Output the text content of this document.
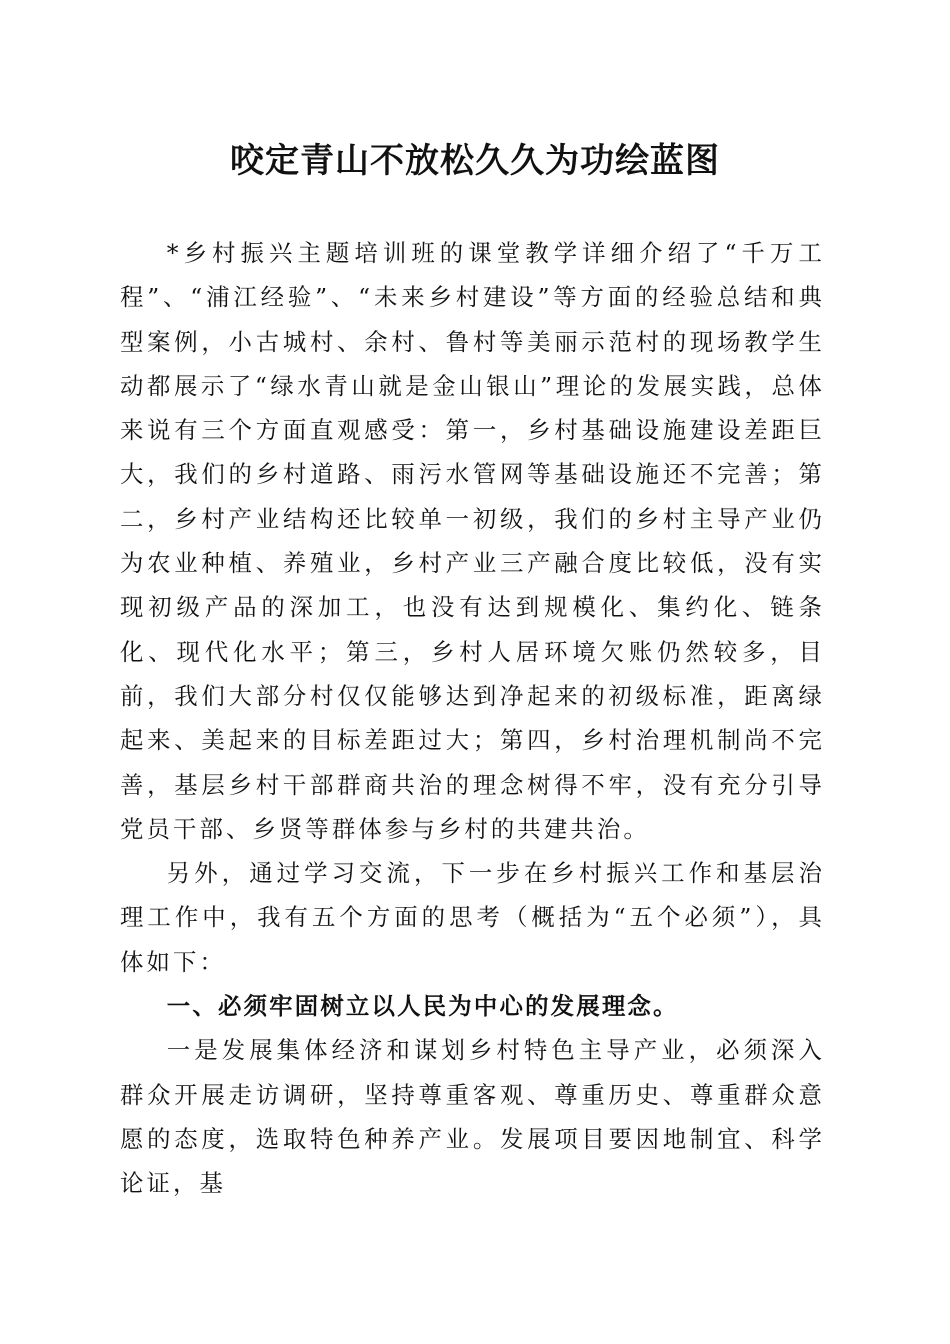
咬定青山不放松久久为功绘蓝图

*乡村振兴主题培训班的课堂教学详细介绍了“千万工程”、“浦江经验”、“未来乡村建设”等方面的经验总结和典型案例，小古城村、余村、鲁村等美丽示范村的现场教学生动都展示了“绿水青山就是金山银山”理论的发展实践，总体来说有三个方面直观感受：第一，乡村基础设施建设差距巨大，我们的乡村道路、雨污水管网等基础设施还不完善；第二，乡村产业结构还比较单一初级，我们的乡村主导产业仍为农业种植、养殖业，乡村产业三产融合度比较低，没有实现初级产品的深加工，也没有达到规模化、集约化、链条化、现代化水平；第三，乡村人居环境欠账仍然较多，目前，我们大部分村仅仅能够达到净起来的初级标准，距离绿起来、美起来的目标差距过大；第四，乡村治理机制尚不完善，基层乡村干部群商共治的理念树得不牢，没有充分引导党员干部、乡贤等群体参与乡村的共建共治。

另外，通过学习交流，下一步在乡村振兴工作和基层治理工作中，我有五个方面的思考（概括为“五个必须”），具体如下：

一、必须牢固树立以人民为中心的发展理念。

一是发展集体经济和谋划乡村特色主导产业，必须深入群众开展走访调研，坚持尊重客观、尊重历史、尊重群众意愿的态度，选取特色种养产业。发展项目要因地制宜、科学论证，基
